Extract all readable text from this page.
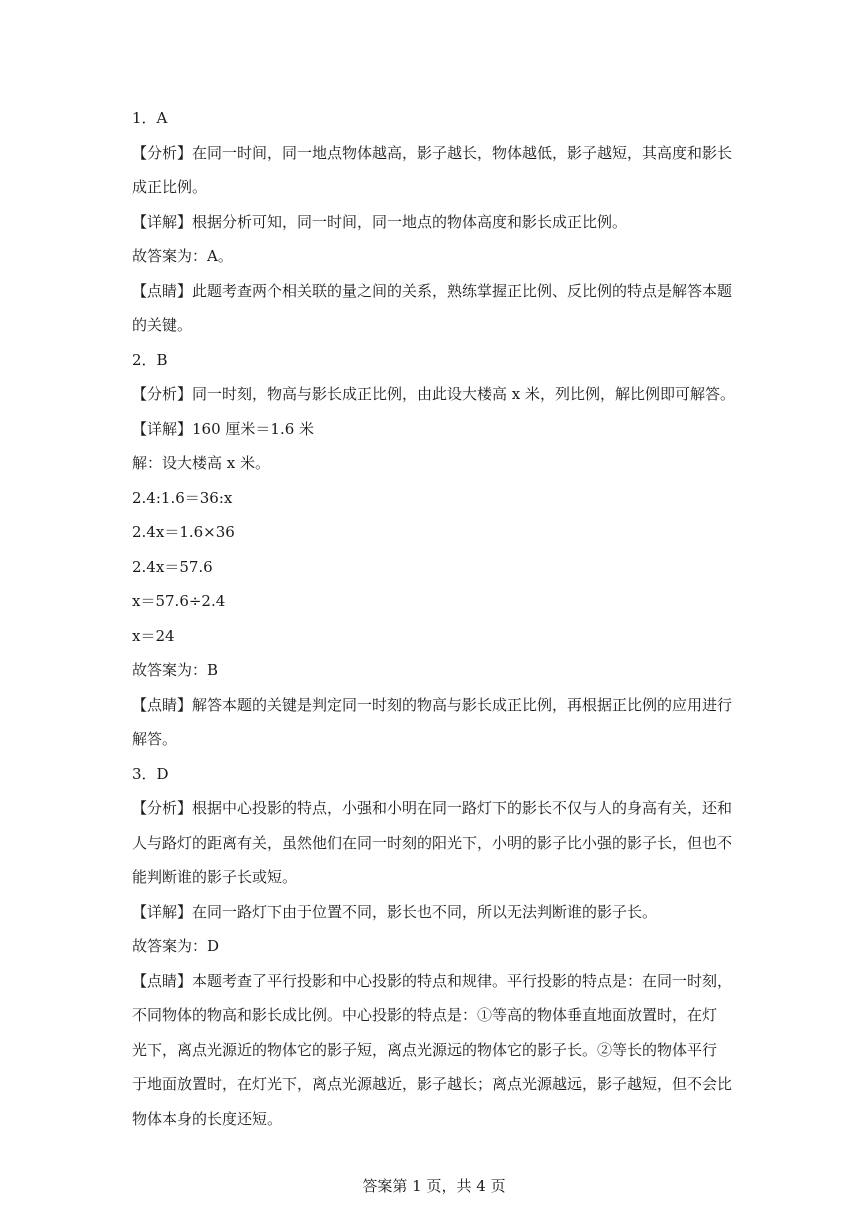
1．A

【分析】在同一时间，同一地点物体越高，影子越长，物体越低，影子越短，其高度和影长

成正比例。

【详解】根据分析可知，同一时间，同一地点的物体高度和影长成正比例。

故答案为：A。

【点睛】此题考查两个相关联的量之间的关系，熟练掌握正比例、反比例的特点是解答本题

的关键。

2．B

【分析】同一时刻，物高与影长成正比例，由此设大楼高 x 米，列比例，解比例即可解答。

【详解】160 厘米＝1.6 米

解：设大楼高 x 米。

2.4:1.6＝36:x

2.4x＝1.6×36

2.4x＝57.6

x＝57.6÷2.4

x＝24

故答案为：B

【点睛】解答本题的关键是判定同一时刻的物高与影长成正比例，再根据正比例的应用进行

解答。

3．D

【分析】根据中心投影的特点，小强和小明在同一路灯下的影长不仅与人的身高有关，还和

人与路灯的距离有关，虽然他们在同一时刻的阳光下，小明的影子比小强的影子长，但也不

能判断谁的影子长或短。

【详解】在同一路灯下由于位置不同，影长也不同，所以无法判断谁的影子长。

故答案为：D

【点睛】本题考查了平行投影和中心投影的特点和规律。平行投影的特点是：在同一时刻，

不同物体的物高和影长成比例。中心投影的特点是：①等高的物体垂直地面放置时，在灯

光下，离点光源近的物体它的影子短，离点光源远的物体它的影子长。②等长的物体平行

于地面放置时，在灯光下，离点光源越近，影子越长；离点光源越远，影子越短，但不会比

物体本身的长度还短。

答案第 1 页，共 4 页
